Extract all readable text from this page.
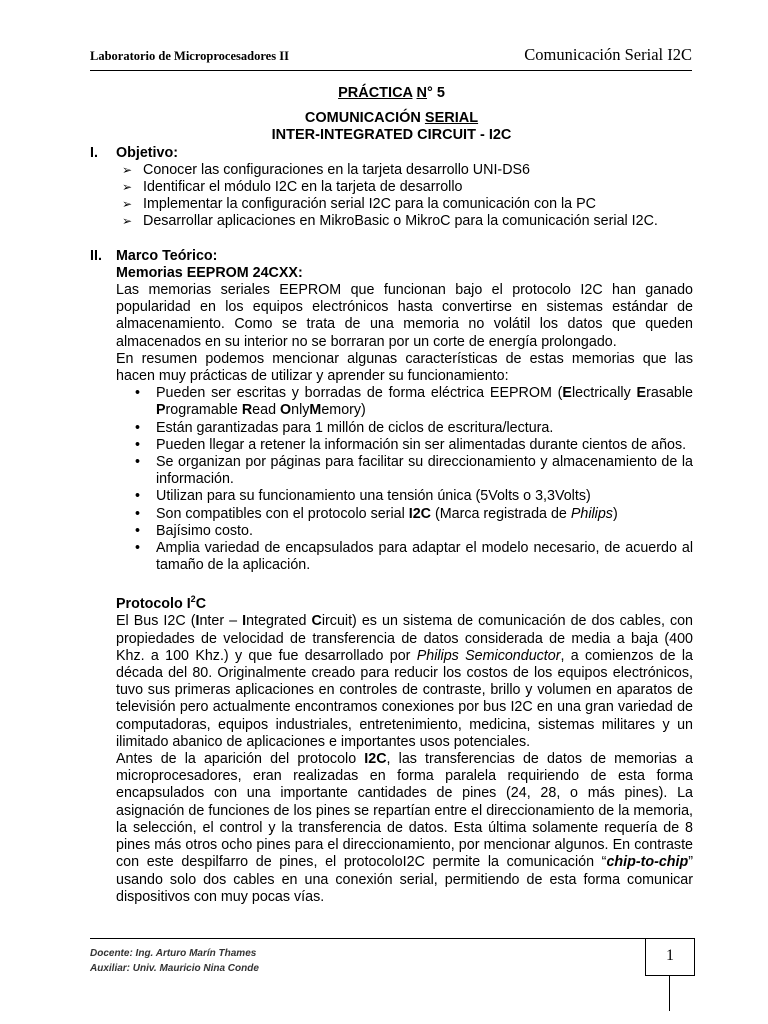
Laboratorio de Microprocesadores II	Comunicación Serial I2C
PRÁCTICA N° 5
COMUNICACIÓN SERIAL
INTER-INTEGRATED CIRCUIT - I2C
I.	Objetivo:
➢ Conocer las configuraciones en la tarjeta desarrollo UNI-DS6
➢ Identificar el módulo I2C en la tarjeta de desarrollo
➢ Implementar la configuración serial I2C para la comunicación con la PC
➢ Desarrollar aplicaciones en MikroBasic o MikroC para la comunicación serial I2C.
II. Marco Teórico:
Memorias EEPROM 24CXX:
Las memorias seriales EEPROM que funcionan bajo el protocolo I2C han ganado popularidad en los equipos electrónicos hasta convertirse en sistemas estándar de almacenamiento. Como se trata de una memoria no volátil los datos que queden almacenados en su interior no se borraran por un corte de energía prolongado.
En resumen podemos mencionar algunas características de estas memorias que las hacen muy prácticas de utilizar y aprender su funcionamiento:
• Pueden ser escritas y borradas de forma eléctrica EEPROM (Electrically Erasable Programable Read OnlyMemory)
• Están garantizadas para 1 millón de ciclos de escritura/lectura.
• Pueden llegar a retener la información sin ser alimentadas durante cientos de años.
• Se organizan por páginas para facilitar su direccionamiento y almacenamiento de la información.
• Utilizan para su funcionamiento una tensión única (5Volts o 3,3Volts)
• Son compatibles con el protocolo serial I2C (Marca registrada de Philips)
• Bajísimo costo.
• Amplia variedad de encapsulados para adaptar el modelo necesario, de acuerdo al tamaño de la aplicación.
Protocolo $I^2C$
El Bus I2C (Inter – Integrated Circuit) es un sistema de comunicación de dos cables, con propiedades de velocidad de transferencia de datos considerada de media a baja (400 Khz. a 100 Khz.) y que fue desarrollado por Philips Semiconductor, a comienzos de la década del 80. Originalmente creado para reducir los costos de los equipos electrónicos, tuvo sus primeras aplicaciones en controles de contraste, brillo y volumen en aparatos de televisión pero actualmente encontramos conexiones por bus I2C en una gran variedad de computadoras, equipos industriales, entretenimiento, medicina, sistemas militares y un ilimitado abanico de aplicaciones e importantes usos potenciales.
Antes de la aparición del protocolo I2C, las transferencias de datos de memorias a microprocesadores, eran realizadas en forma paralela requiriendo de esta forma encapsulados con una importante cantidades de pines (24, 28, o más pines). La asignación de funciones de los pines se repartían entre el direccionamiento de la memoria, la selección, el control y la transferencia de datos. Esta última solamente requería de 8 pines más otros ocho pines para el direccionamiento, por mencionar algunos. En contraste con este despilfarro de pines, el protocoloI2C permite la comunicación “chip-to-chip” usando solo dos cables en una conexión serial, permitiendo de esta forma comunicar dispositivos con muy pocas vías.
Docente: Ing. Arturo Marín Thames
Auxiliar: Univ. Mauricio Nina Conde
1
